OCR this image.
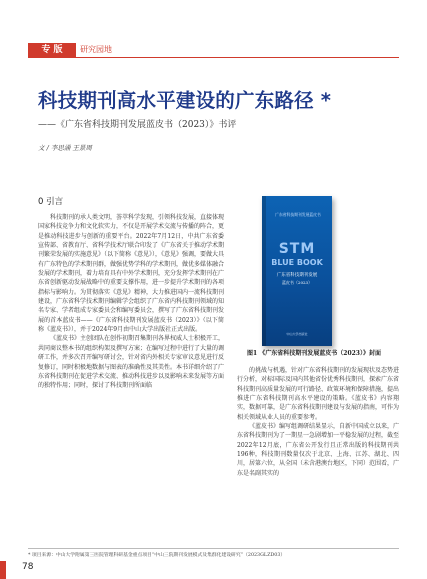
专 版	研究园地
科技期刊高水平建设的广东路径 *
——《广东省科技期刊发展蓝皮书（2023）》书评
文 / 李思涌 王景周
0 引言

科技期刊的承人类文明，荟萃科学发现，引领科技发展，直接体现国家科技竞争力和文化软实力，不仅是开展学术交流与传播的阵合，更是推动科技进步与创新的重要平台。2022年7月12日，中共广东省委宣传部、省教育厅、省科学技术厅联合印发了《广东省关于推动学术期刊繁荣发展的实施意见》（以下简称《意见》），《意见》强调，要做大具有广东特色的学术期刊群，做强优势学科的学术期刊，做优多媒体融合发展的学术期刊，着力培育具有中外学术期刊，充分发挥学术期刊在广东省创新驱动发展战略中的重要支撑作用，进一步提升学术期刊的各项指标与影响力。为贯彻落实《意见》精神，大力推进国内一流科技期刊建设，广东省科学技术期刊编辑学会组织了广东省内科技期刊领域的知名专家、学者组成专家委员会和编写委员会，撰写了广东省科技期刊发展的首本蓝皮书——《广东省科技期刊发展蓝皮书（2023）》（以下简称《蓝皮书》），并于2024年9月由中山大学出版社正式出版。

《蓝皮书》主创团队在创作初期召集期刊各界权威人士积极开工，共同商议整本书的组织构架及撰写方案；在编写过程中进行了大量的调研工作，并多次召开编写研讨会，针对省内外相关专家审议意见进行反复修订，同时积极地数据与图表的准确性及其美性。本书详细介绍了广东省科技期刊在促进学术交流、推动科技进步以及影响未来发展等方面的独特作用；同时，探讨了科技期刊所面临

广东省科技期刊发展蓝皮书
STM
BLUE BOOK
广东省科技期刊发展
蓝皮书（2023）
中山大学出版社
图1 《广东省科技期刊发展蓝皮书（2023）》封面

的挑战与机遇，针对广东省科技期刊的发展现状及态势进行分析，对标国际及国内其他省份优秀科技期刊，探索广东省科技期刊高质量发展的可行路径、政策环境和保障措施，提出推进广东省科技期刊高水平建设的策略。《蓝皮书》内容翔实，数据可靠，是广东省科技期刊建设与发展的指南，可作为相关领域从业人员的重要参考。

《蓝皮书》编写组调研结果显示，自新中国成立以来，广东省科技期刊为了一期星一急剧增加一平稳发展的过程，截至2022年12月底，广东省公开发行且正常出版的科技期刊共196种，科技期刊数量仅次于北京、上海、江苏、湖北、四川，居第六位，从全国（未含港澳台地区，下同）范围看，广东是名副其实的

* 项目来源：中山大学附属第三医院管理科研基金重点项目“中山三院期刊发展模式及集群化建设研究”（2023GLZD03）
78
